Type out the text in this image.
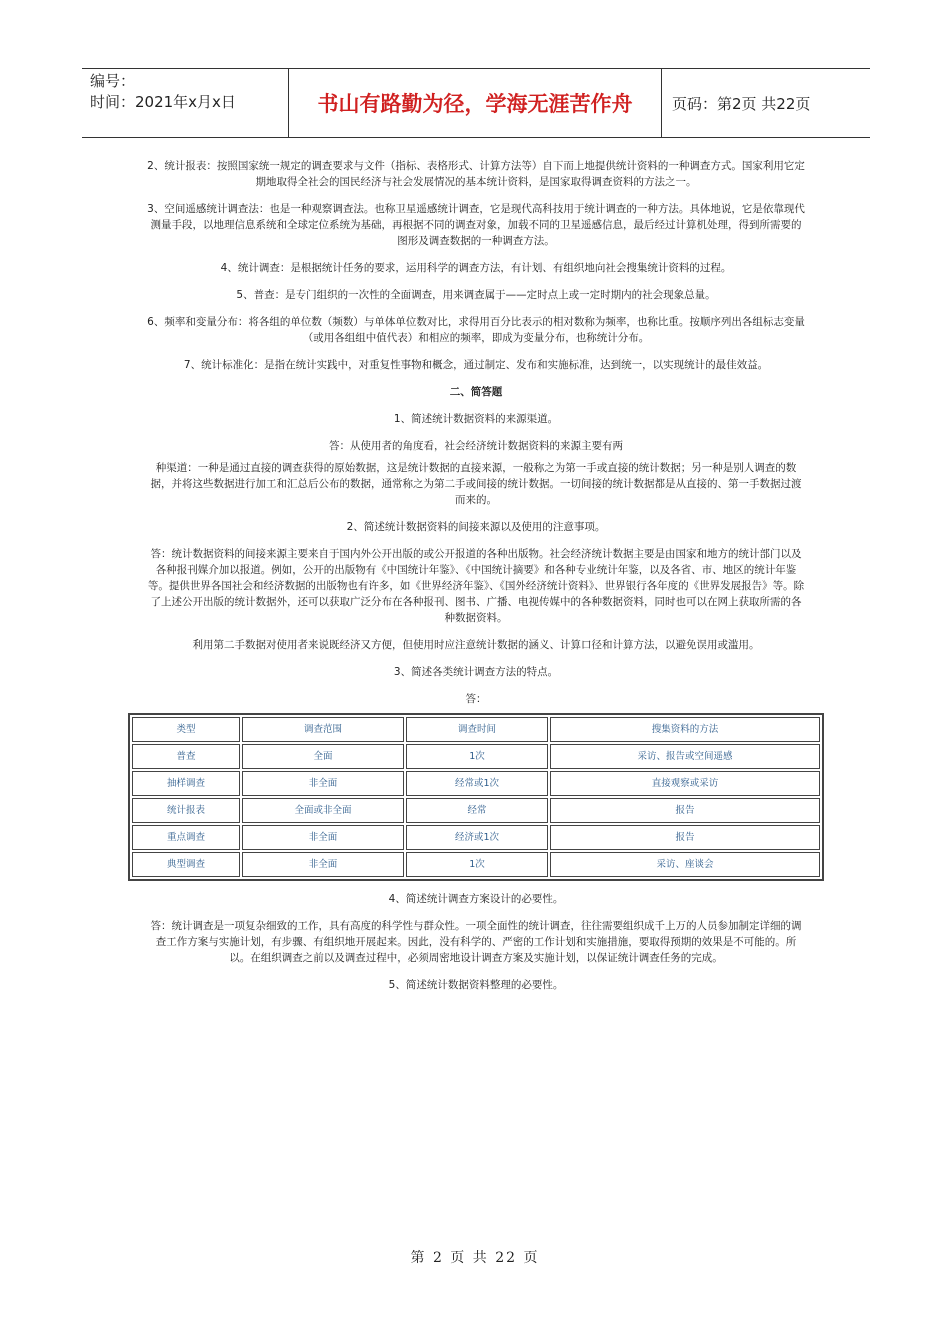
编号：
时间：2021年x月x日	书山有路勤为径，学海无涯苦作舟	页码：第2页 共22页

2、统计报表：按照国家统一规定的调查要求与文件（指标、表格形式、计算方法等）自下而上地提供统计资料的一种调查方式。国家利用它定期地取得全社会的国民经济与社会发展情况的基本统计资料，是国家取得调查资料的方法之一。

3、空间遥感统计调查法：也是一种观察调查法。也称卫星遥感统计调查，它是现代高科技用于统计调查的一种方法。具体地说，它是依靠现代测量手段，以地理信息系统和全球定位系统为基础，再根据不同的调查对象，加载不同的卫星遥感信息，最后经过计算机处理，得到所需要的图形及调查数据的一种调查方法。

4、统计调查：是根据统计任务的要求，运用科学的调查方法，有计划、有组织地向社会搜集统计资料的过程。

5、普查：是专门组织的一次性的全面调查，用来调查属于——定时点上或一定时期内的社会现象总量。

6、频率和变量分布：将各组的单位数（频数）与单体单位数对比，求得用百分比表示的相对数称为频率，也称比重。按顺序列出各组标志变量（或用各组组中值代表）和相应的频率，即成为变量分布，也称统计分布。

7、统计标准化：是指在统计实践中，对重复性事物和概念，通过制定、发布和实施标准，达到统一，以实现统计的最佳效益。

二、简答题

1、简述统计数据资料的来源渠道。

答：从使用者的角度看，社会经济统计数据资料的来源主要有两

种渠道：一种是通过直接的调查获得的原始数据，这是统计数据的直接来源，一般称之为第一手或直接的统计数据；另一种是别人调查的数据，并将这些数据进行加工和汇总后公布的数据，通常称之为第二手或间接的统计数据。一切间接的统计数据都是从直接的、第一手数据过渡而来的。

2、简述统计数据资料的间接来源以及使用的注意事项。

答：统计数据资料的间接来源主要来自于国内外公开出版的或公开报道的各种出版物。社会经济统计数据主要是由国家和地方的统计部门以及各种报刊媒介加以报道。例如，公开的出版物有《中国统计年鉴》、《中国统计摘要》和各种专业统计年鉴，以及各省、市、地区的统计年鉴等。提供世界各国社会和经济数据的出版物也有许多，如《世界经济年鉴》、《国外经济统计资料》、世界银行各年度的《世界发展报告》等。除了上述公开出版的统计数据外，还可以获取广泛分布在各种报刊、图书、广播、电视传媒中的各种数据资料，同时也可以在网上获取所需的各种数据资料。

利用第二手数据对使用者来说既经济又方便，但使用时应注意统计数据的涵义、计算口径和计算方法，以避免误用或滥用。

3、简述各类统计调查方法的特点。

答：

类型	调查范围	调查时间	搜集资料的方法
普查	全面	1次	采访、报告或空间遥感
抽样调查	非全面	经常或1次	直接观察或采访
统计报表	全面或非全面	经常	报告
重点调查	非全面	经济或1次	报告
典型调查	非全面	1次	采访、座谈会

4、简述统计调查方案设计的必要性。

答：统计调查是一项复杂细致的工作，具有高度的科学性与群众性。一项全面性的统计调查，往往需要组织成千上万的人员参加制定详细的调查工作方案与实施计划，有步骤、有组织地开展起来。因此，没有科学的、严密的工作计划和实施措施，要取得预期的效果是不可能的。所以。在组织调查之前以及调查过程中，必须周密地设计调查方案及实施计划，以保证统计调查任务的完成。

5、简述统计数据资料整理的必要性。

第 2 页 共 22 页
